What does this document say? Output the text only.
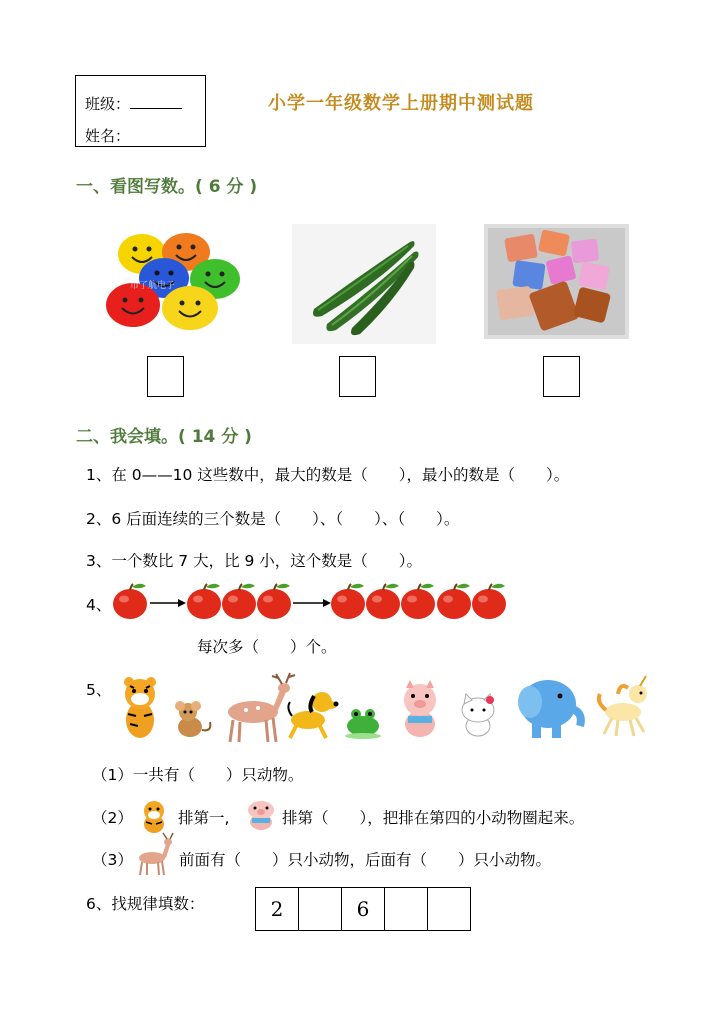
班级：
姓名：
小学一年级数学上册期中测试题
一、看图写数。( 6 分 )
市了航电子
二、我会填。( 14 分 )
1、在 0——10 这些数中，最大的数是（　　），最小的数是（　　）。
2、6 后面连续的三个数是（　　）、（　　）、（　　）。
3、一个数比 7 大，比 9 小，这个数是（　　）。
4、
每次多（　　）个。
5、
（1）一共有（　　）只动物。
（2）	排第一,	排第（　　），把排在第四的小动物圈起来。
（3）	前面有（　　）只小动物，后面有（　　）只小动物。
6、找规律填数：	2		6		
